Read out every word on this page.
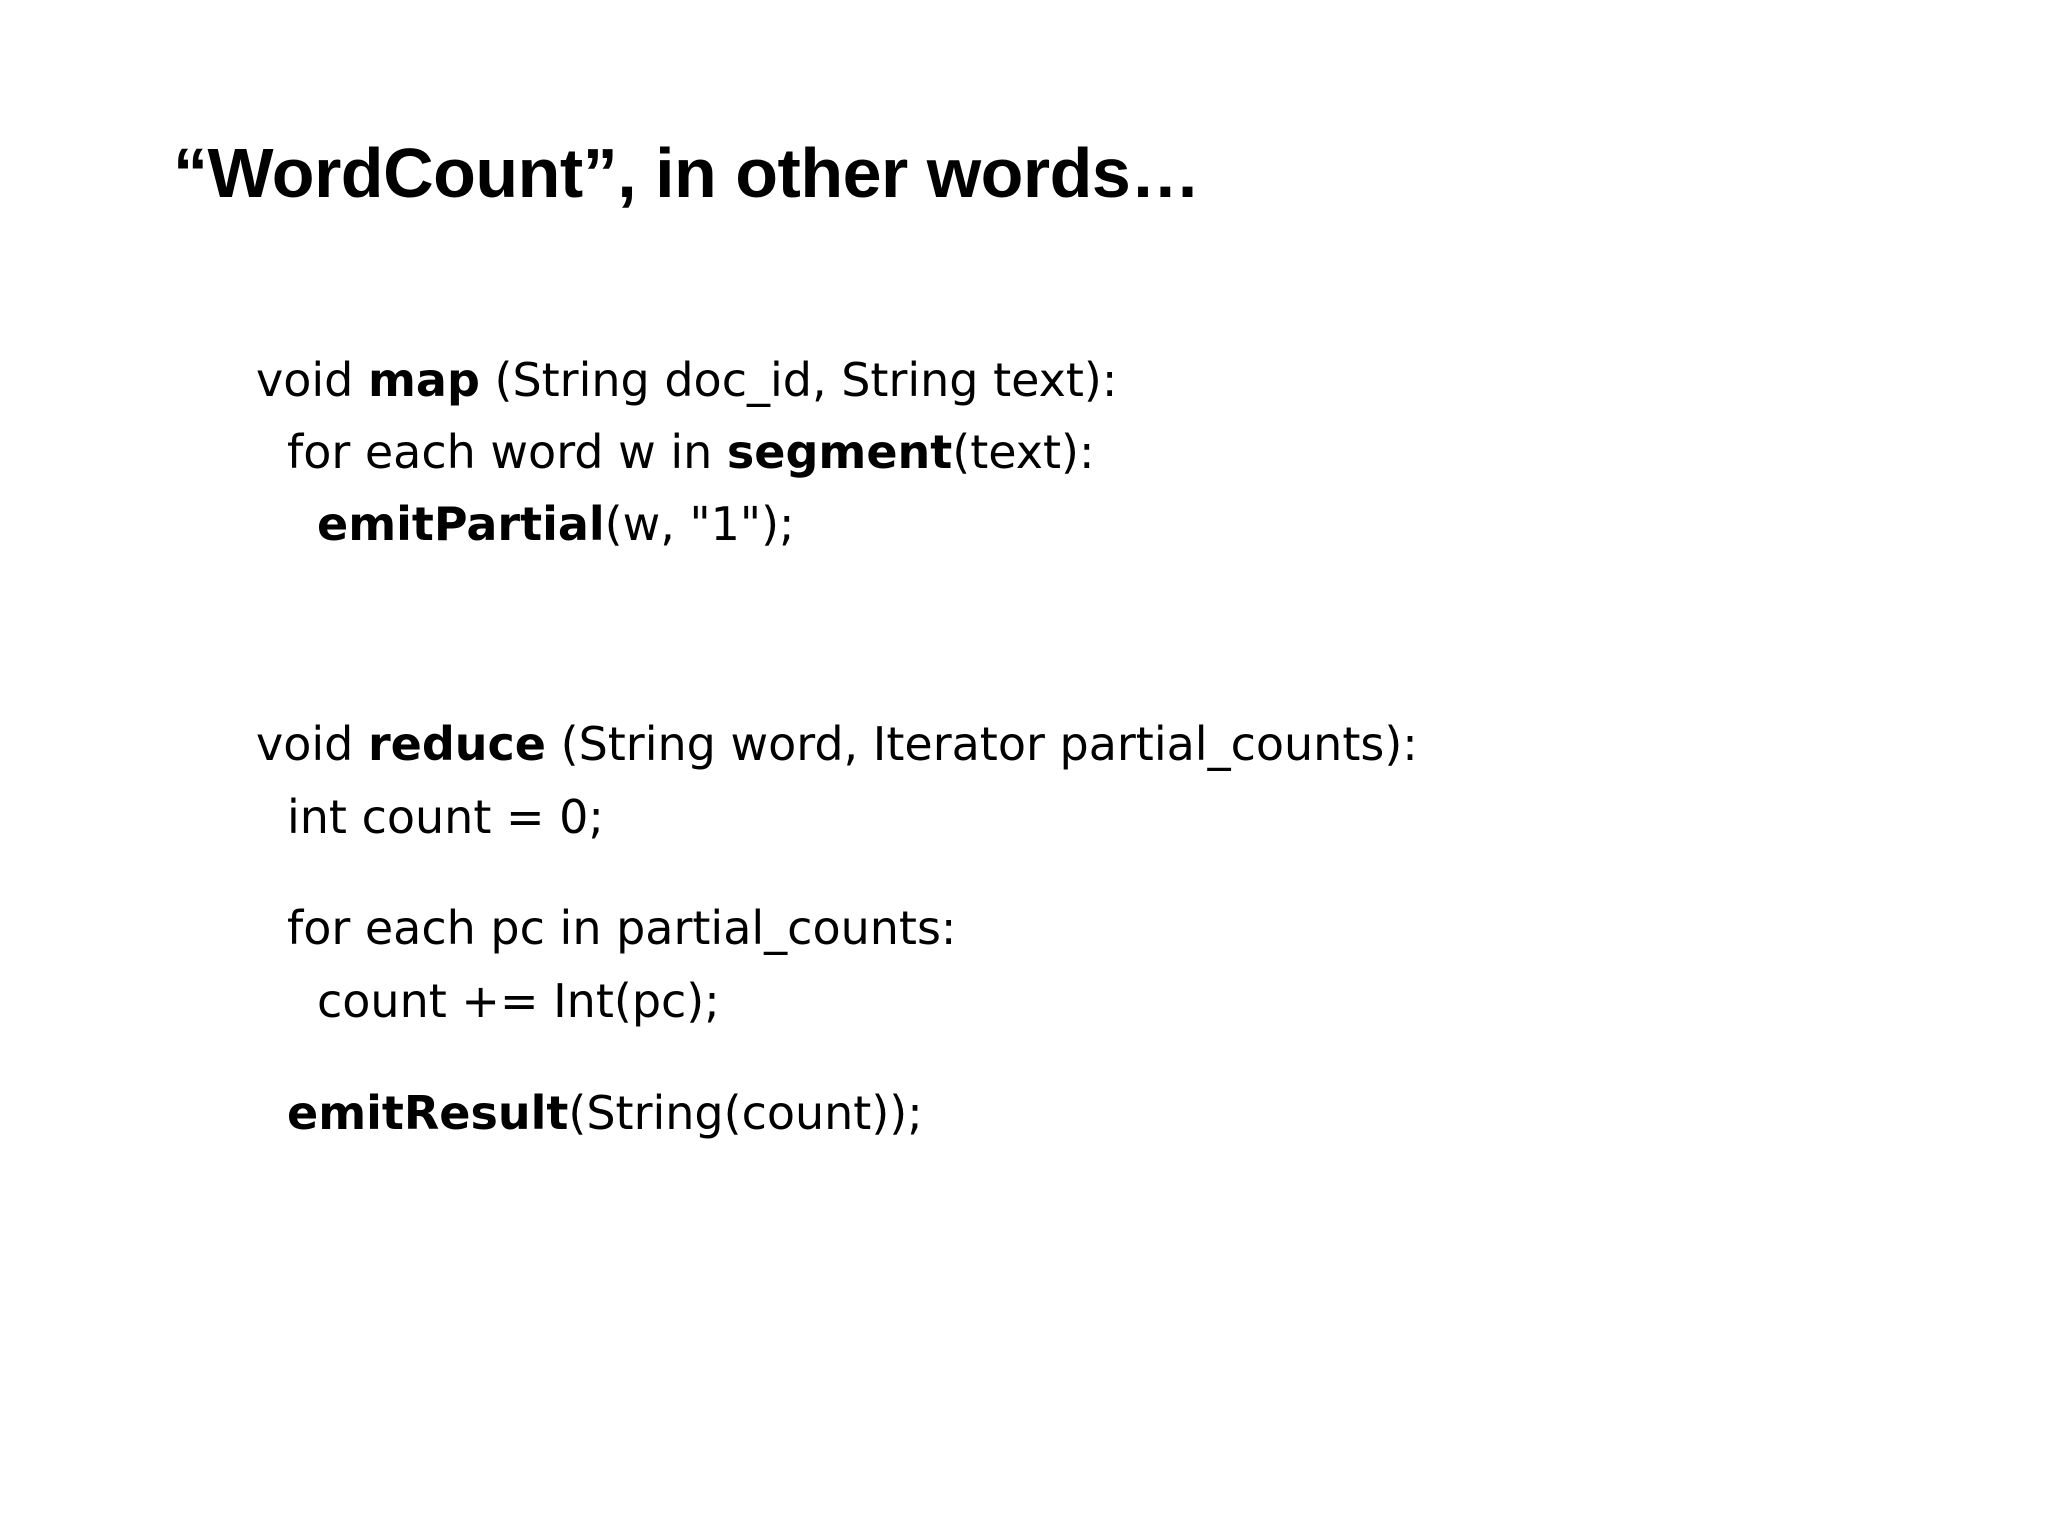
“WordCount”, in other words…
void map (String doc_id, String text):
for each word w in segment(text):
emitPartial(w, "1");
void reduce (String word, Iterator partial_counts):
int count = 0;
for each pc in partial_counts:
count += Int(pc);
emitResult(String(count));
